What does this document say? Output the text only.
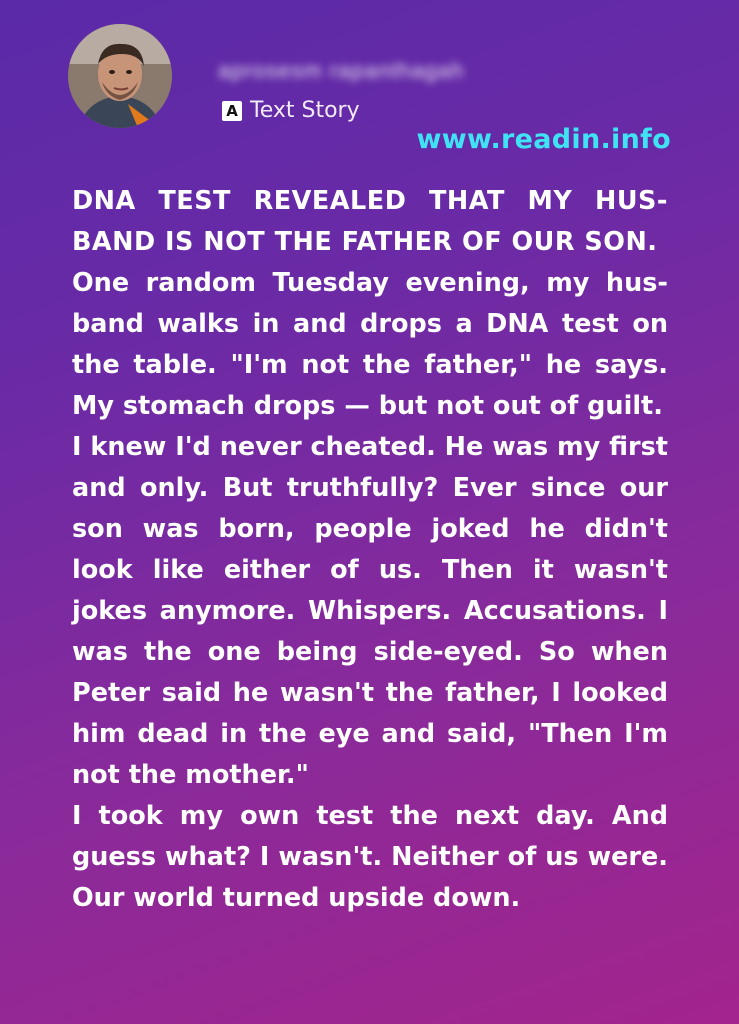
aprosesm rapanthagah
A Text Story
www.readin.info

DNA TEST REVEALED THAT MY HUS-BAND IS NOT THE FATHER OF OUR SON.

One random Tuesday evening, my husband walks in and drops a DNA test on the table. "I'm not the father," he says. My stomach drops — but not out of guilt.

I knew I'd never cheated. He was my first and only. But truthfully? Ever since our son was born, people joked he didn't look like either of us. Then it wasn't jokes anymore. Whispers. Accusations. I was the one being side-eyed. So when Peter said he wasn't the father, I looked him dead in the eye and said, "Then I'm not the mother."

I took my own test the next day. And guess what? I wasn't. Neither of us were. Our world turned upside down.
